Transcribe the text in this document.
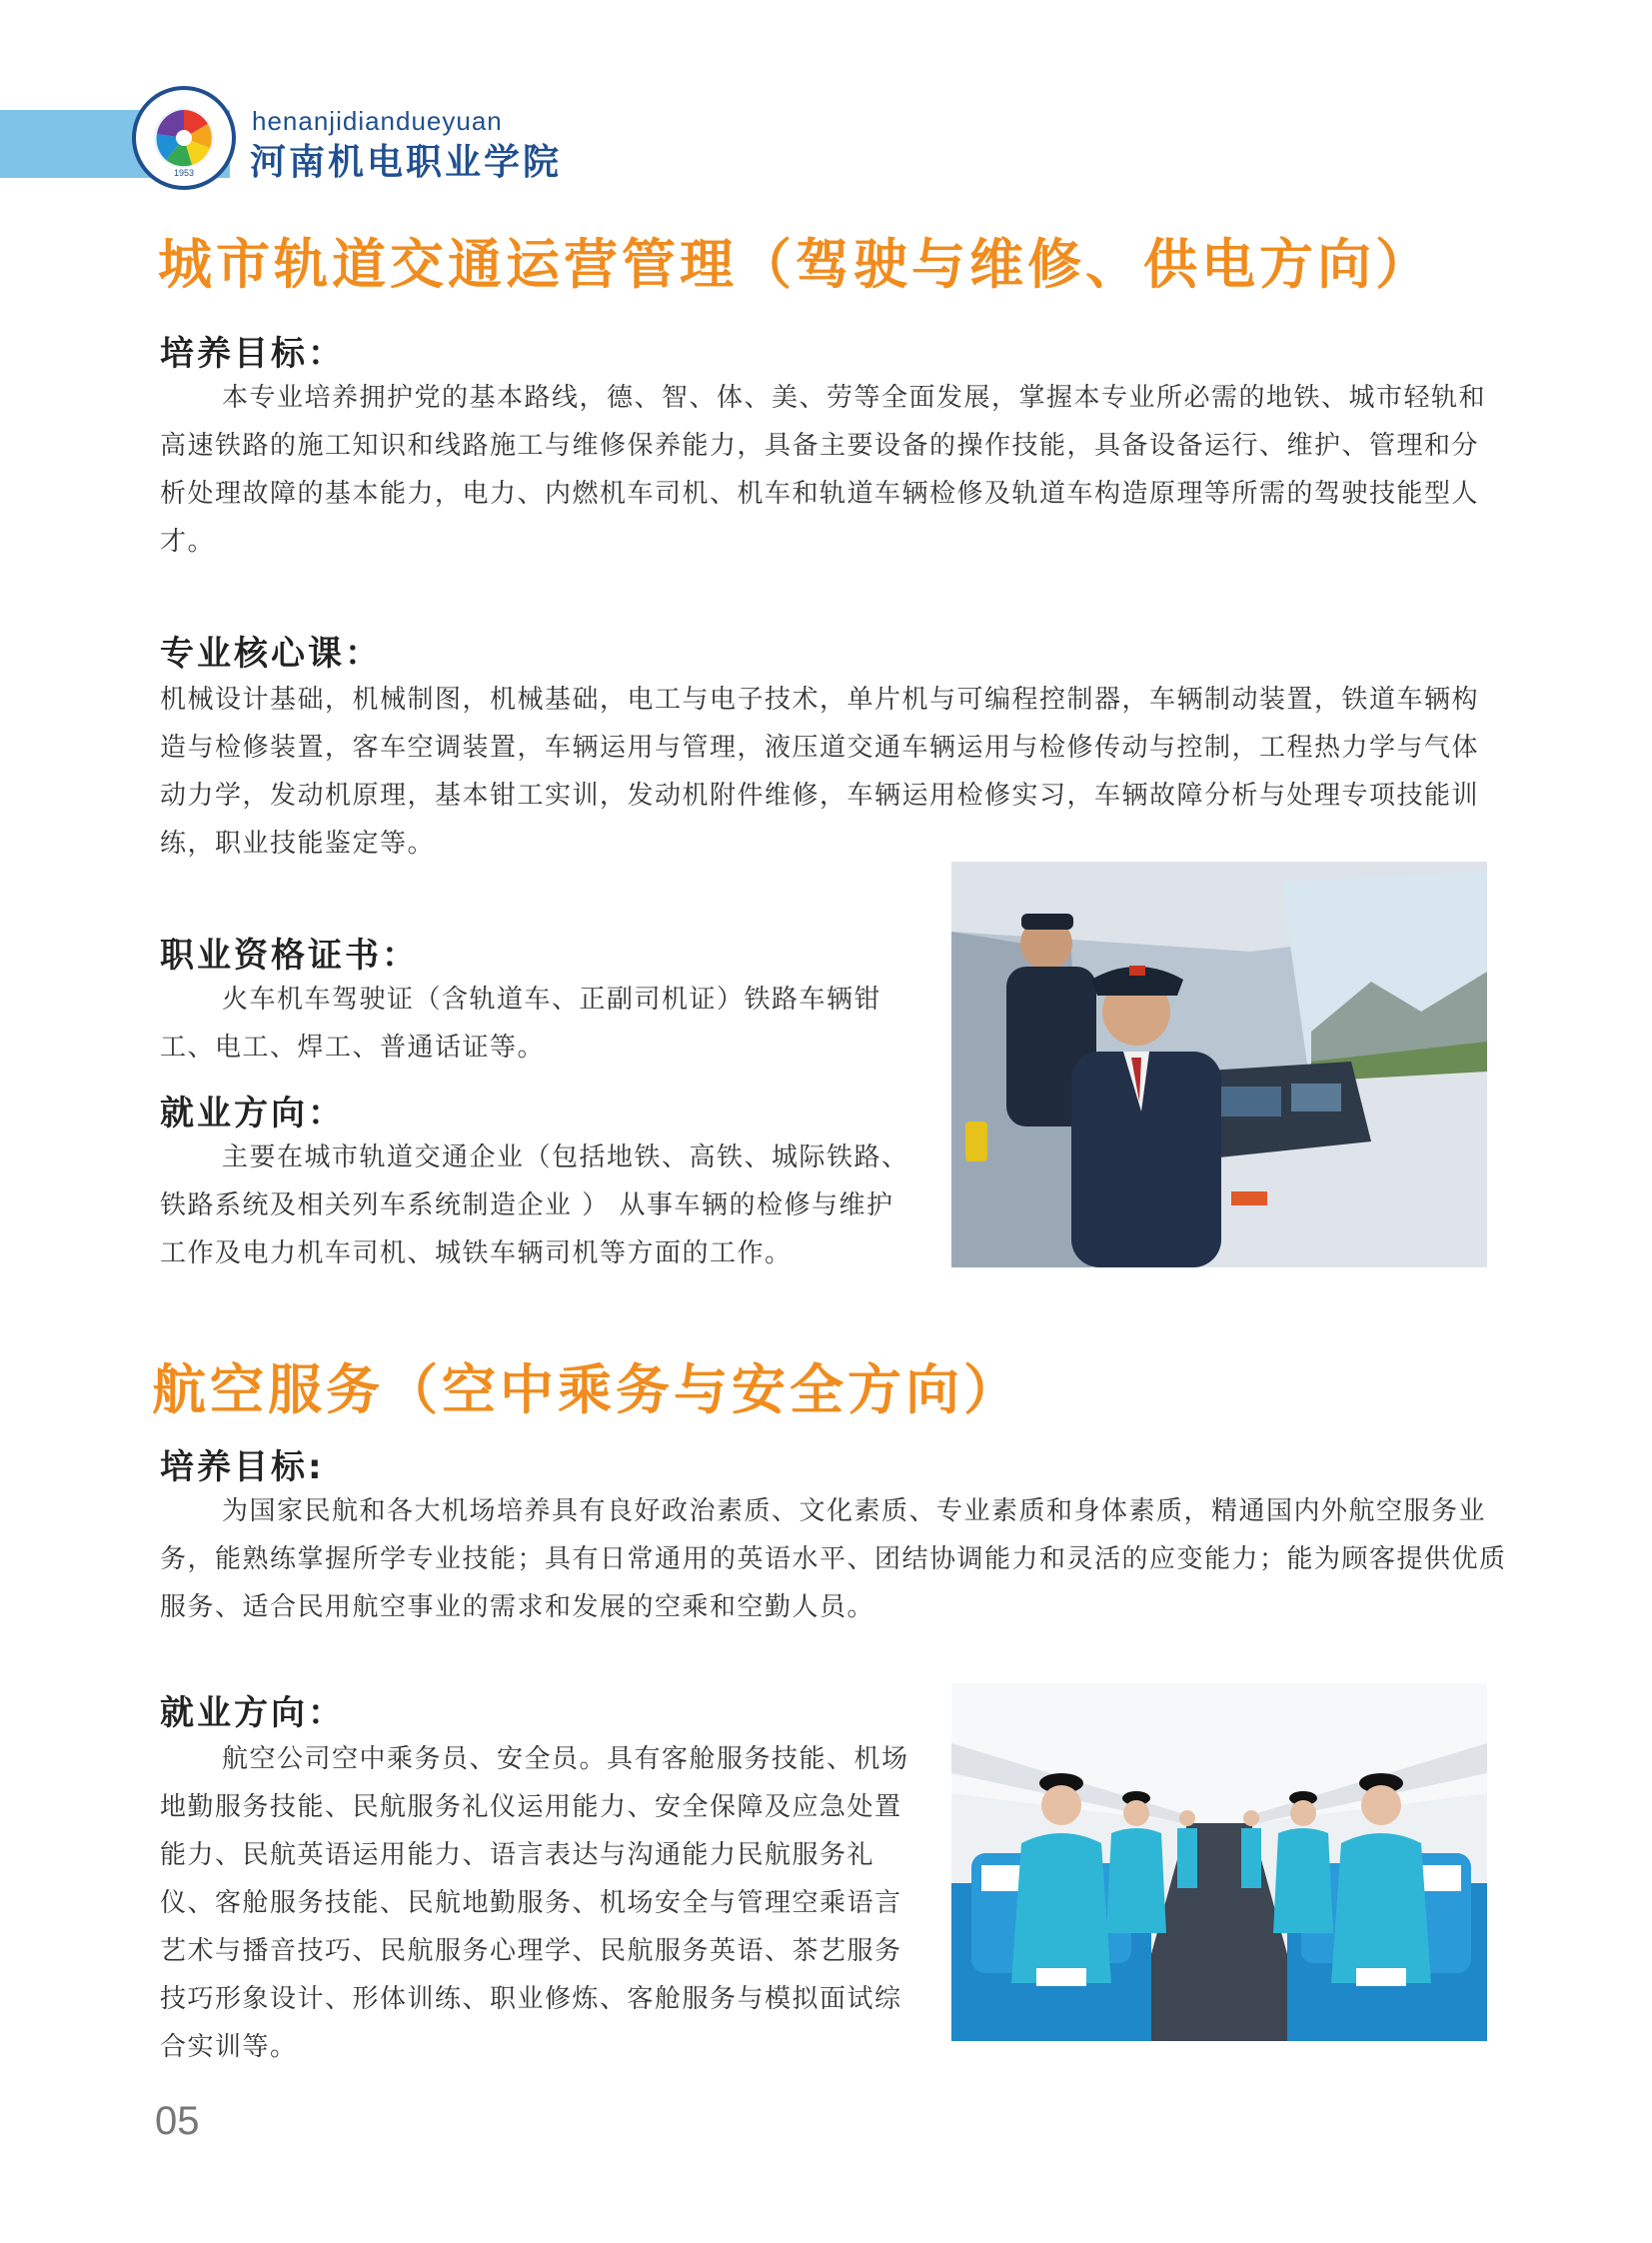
1953
henanjidiandueyuan
河南机电职业学院
城市轨道交通运营管理（驾驶与维修、供电方向）
培养目标：
本专业培养拥护党的基本路线，德、智、体、美、劳等全面发展，掌握本专业所必需的地铁、城市轻轨和高速铁路的施工知识和线路施工与维修保养能力，具备主要设备的操作技能，具备设备运行、维护、管理和分析处理故障的基本能力，电力、内燃机车司机、机车和轨道车辆检修及轨道车构造原理等所需的驾驶技能型人才。
专业核心课：
机械设计基础，机械制图，机械基础，电工与电子技术，单片机与可编程控制器，车辆制动装置，铁道车辆构造与检修装置，客车空调装置，车辆运用与管理，液压道交通车辆运用与检修传动与控制，工程热力学与气体动力学，发动机原理，基本钳工实训，发动机附件维修，车辆运用检修实习，车辆故障分析与处理专项技能训练，职业技能鉴定等。
职业资格证书：
火车机车驾驶证（含轨道车、正副司机证）铁路车辆钳工、电工、焊工、普通话证等。
就业方向：
主要在城市轨道交通企业（包括地铁、高铁、城际铁路、 铁路系统及相关列车系统制造企业 ） 从事车辆的检修与维护工作及电力机车司机、城铁车辆司机等方面的工作。
航空服务（空中乘务与安全方向）
培养目标:
为国家民航和各大机场培养具有良好政治素质、文化素质、专业素质和身体素质，精通国内外航空服务业务，能熟练掌握所学专业技能；具有日常通用的英语水平、团结协调能力和灵活的应变能力；能为顾客提供优质服务、适合民用航空事业的需求和发展的空乘和空勤人员。
就业方向：
航空公司空中乘务员、安全员。具有客舱服务技能、机场地勤服务技能、民航服务礼仪运用能力、安全保障及应急处置能力、民航英语运用能力、语言表达与沟通能力民航服务礼仪、客舱服务技能、民航地勤服务、机场安全与管理空乘语言艺术与播音技巧、民航服务心理学、民航服务英语、茶艺服务技巧形象设计、形体训练、职业修炼、客舱服务与模拟面试综合实训等。
05
